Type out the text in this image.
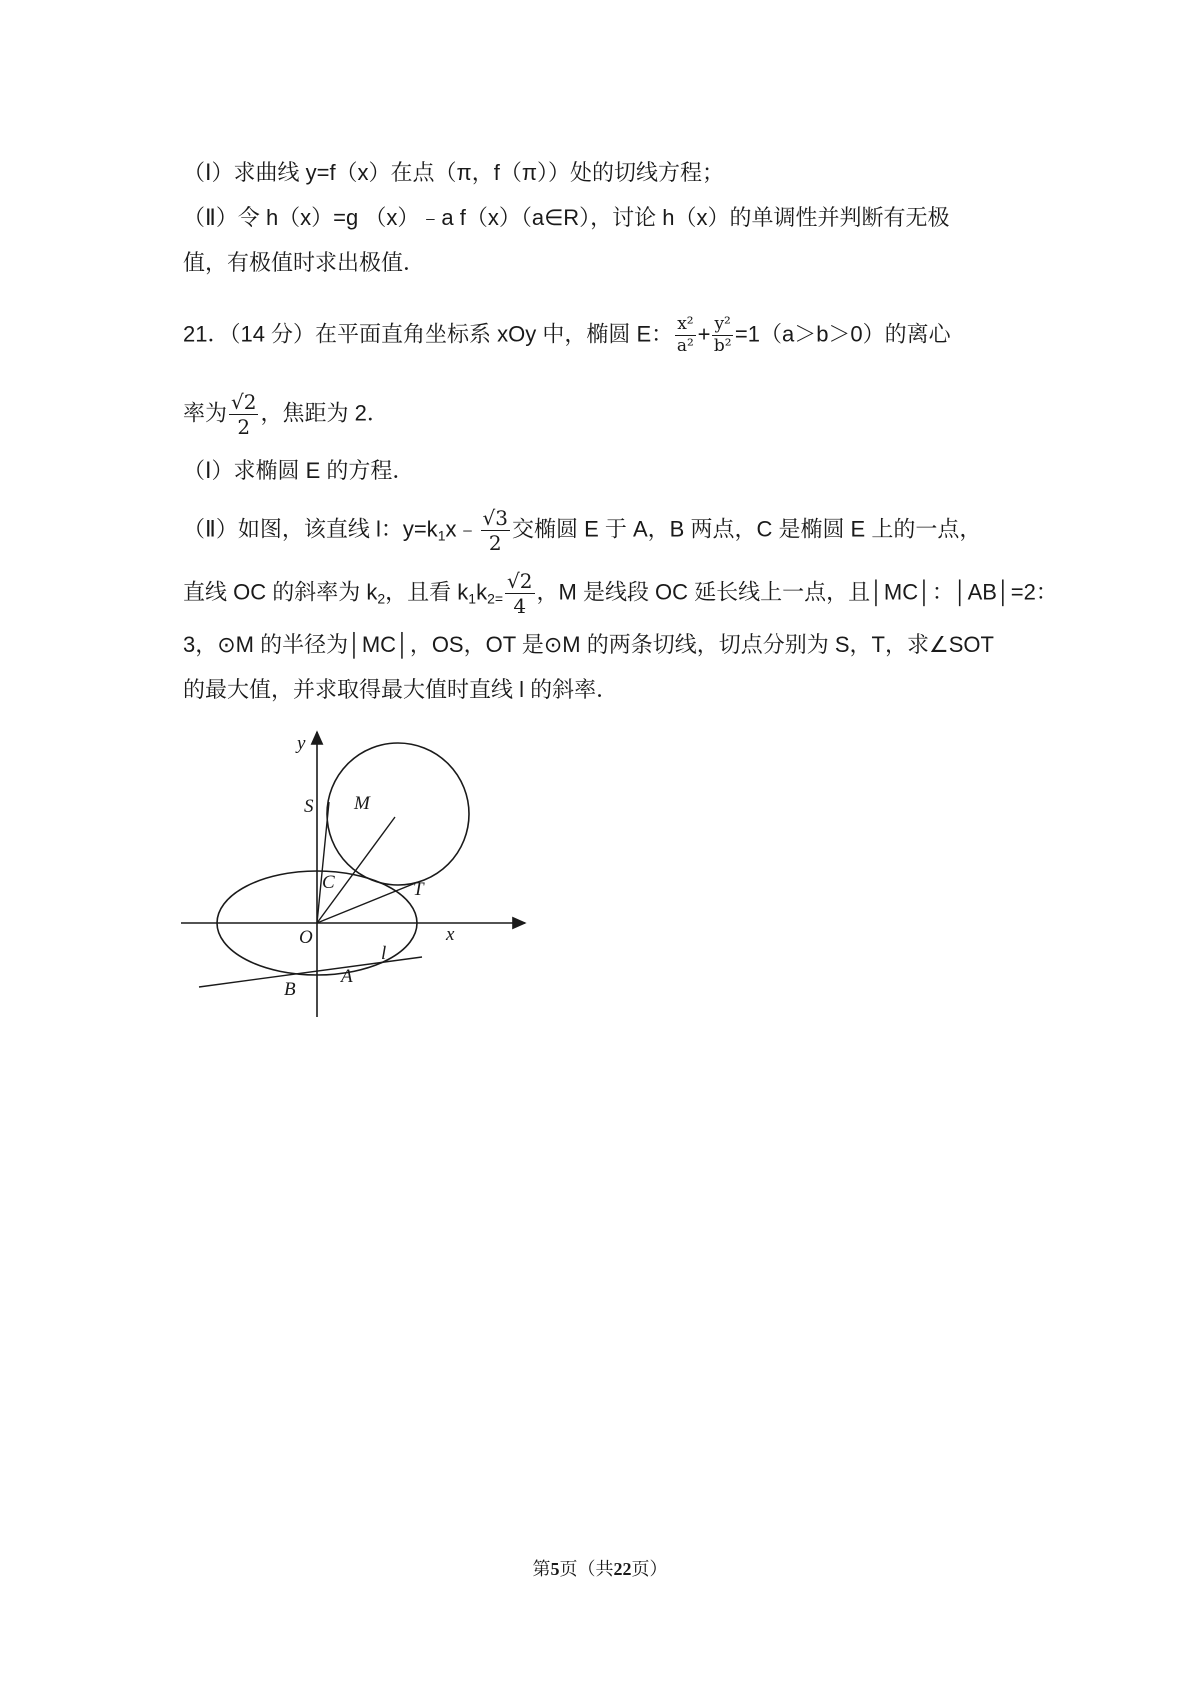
（Ⅰ）求曲线 y=f（x）在点（π，f（π））处的切线方程；
（Ⅱ）令 h（x）=g （x）﹣a f（x）（a∈R），讨论 h（x）的单调性并判断有无极
值，有极值时求出极值．
21．（14 分）在平面直角坐标系 xOy 中，椭圆 E： $\frac{\text{x²}}{\text{a²}} + \frac{\text{y²}}{\text{b²}} =1(a>b>0)$的离心
率为 $\frac{√2}{2}$ ，焦距为 2．
（Ⅰ）求椭圆 E 的方程．
（Ⅱ）如图，该直线 l：$y=k_1x﹣ \frac{√3}{2}$ 交椭圆 E 于 A，B 两点，C 是椭圆 E 上的一点，
直线 OC 的斜率为 $k_2$，且看 $k_1k_{2=} \frac{√2}{4}$ ，M 是线段 OC 延长线上一点，且│MC│：│AB│=2：
3，⊙M 的半径为│MC│，OS，OT 是⊙M 的两条切线，切点分别为 S，T，求∠SOT
的最大值，并求取得最大值时直线 l 的斜率．
y
x
O
S M
C	T
l
A
B
第5页（共22页）
